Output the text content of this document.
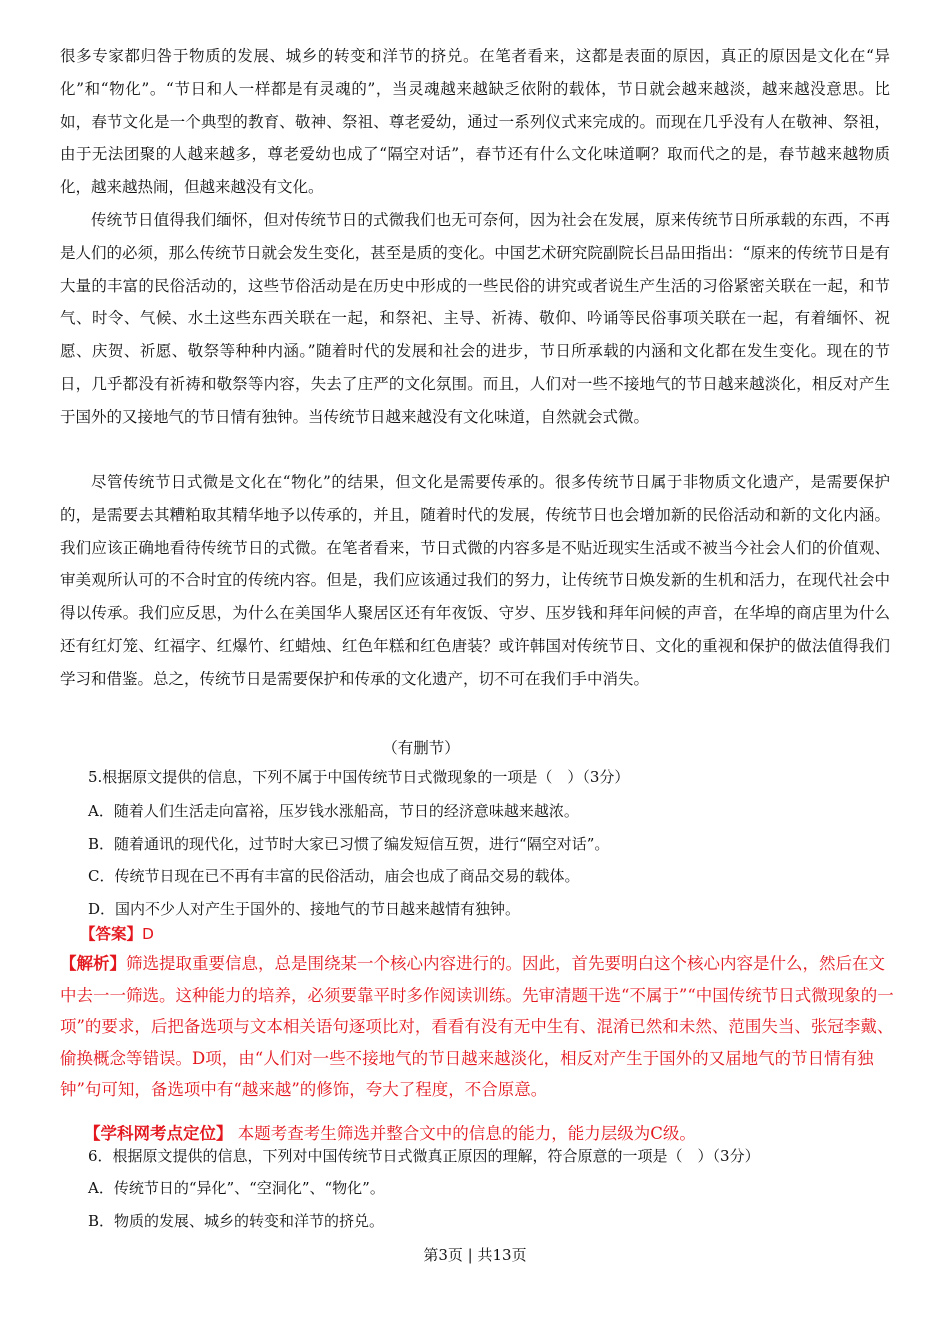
很多专家都归咎于物质的发展、城乡的转变和洋节的挤兑。在笔者看来，这都是表面的原因，真正的原因是文化在“异化”和“物化”。“节日和人一样都是有灵魂的”，当灵魂越来越缺乏依附的载体，节日就会越来越淡，越来越没意思。比如，春节文化是一个典型的教育、敬神、祭祖、尊老爱幼，通过一系列仪式来完成的。而现在几乎没有人在敬神、祭祖，由于无法团聚的人越来越多，尊老爱幼也成了“隔空对话”，春节还有什么文化味道啊？取而代之的是，春节越来越物质化，越来越热闹，但越来越没有文化。

传统节日值得我们缅怀，但对传统节日的式微我们也无可奈何，因为社会在发展，原来传统节日所承载的东西，不再是人们的必须，那么传统节日就会发生变化，甚至是质的变化。中国艺术研究院副院长吕品田指出：“原来的传统节日是有大量的丰富的民俗活动的，这些节俗活动是在历史中形成的一些民俗的讲究或者说生产生活的习俗紧密关联在一起，和节气、时令、气候、水土这些东西关联在一起，和祭祀、主导、祈祷、敬仰、吟诵等民俗事项关联在一起，有着缅怀、祝愿、庆贺、祈愿、敬祭等种种内涵。”随着时代的发展和社会的进步，节日所承载的内涵和文化都在发生变化。现在的节日，几乎都没有祈祷和敬祭等内容，失去了庄严的文化氛围。而且，人们对一些不接地气的节日越来越淡化，相反对产生于国外的又接地气的节日情有独钟。当传统节日越来越没有文化味道，自然就会式微。

尽管传统节日式微是文化在“物化”的结果，但文化是需要传承的。很多传统节日属于非物质文化遗产，是需要保护的，是需要去其糟粕取其精华地予以传承的，并且，随着时代的发展，传统节日也会增加新的民俗活动和新的文化内涵。我们应该正确地看待传统节日的式微。在笔者看来，节日式微的内容多是不贴近现实生活或不被当今社会人们的价值观、审美观所认可的不合时宜的传统内容。但是，我们应该通过我们的努力，让传统节日焕发新的生机和活力，在现代社会中得以传承。我们应反思，为什么在美国华人聚居区还有年夜饭、守岁、压岁钱和拜年问候的声音，在华埠的商店里为什么还有红灯笼、红福字、红爆竹、红蜡烛、红色年糕和红色唐装？或许韩国对传统节日、文化的重视和保护的做法值得我们学习和借鉴。总之，传统节日是需要保护和传承的文化遗产，切不可在我们手中消失。

（有删节）

5.根据原文提供的信息，下列不属于中国传统节日式微现象的一项是（　）（3分）

A．随着人们生活走向富裕，压岁钱水涨船高，节日的经济意味越来越浓。

B．随着通讯的现代化，过节时大家已习惯了编发短信互贺，进行“隔空对话”。

C．传统节日现在已不再有丰富的民俗活动，庙会也成了商品交易的载体。

D．国内不少人对产生于国外的、接地气的节日越来越情有独钟。

【答案】D

【解析】筛选提取重要信息，总是围绕某一个核心内容进行的。因此，首先要明白这个核心内容是什么，然后在文中去一一筛选。这种能力的培养，必须要靠平时多作阅读训练。先审清题干选“不属于”“中国传统节日式微现象的一项”的要求，后把备选项与文本相关语句逐项比对，看看有没有无中生有、混淆已然和未然、范围失当、张冠李戴、偷换概念等错误。D项，由“人们对一些不接地气的节日越来越淡化，相反对产生于国外的又届地气的节日情有独钟”句可知，备选项中有“越来越”的修饰，夸大了程度，不合原意。

【学科网考点定位】 本题考查考生筛选并整合文中的信息的能力，能力层级为C级。

6．根据原文提供的信息，下列对中国传统节日式微真正原因的理解，符合原意的一项是（　）（3分）

A．传统节日的“异化”、“空洞化”、“物化”。

B．物质的发展、城乡的转变和洋节的挤兑。

第3页 | 共13页
